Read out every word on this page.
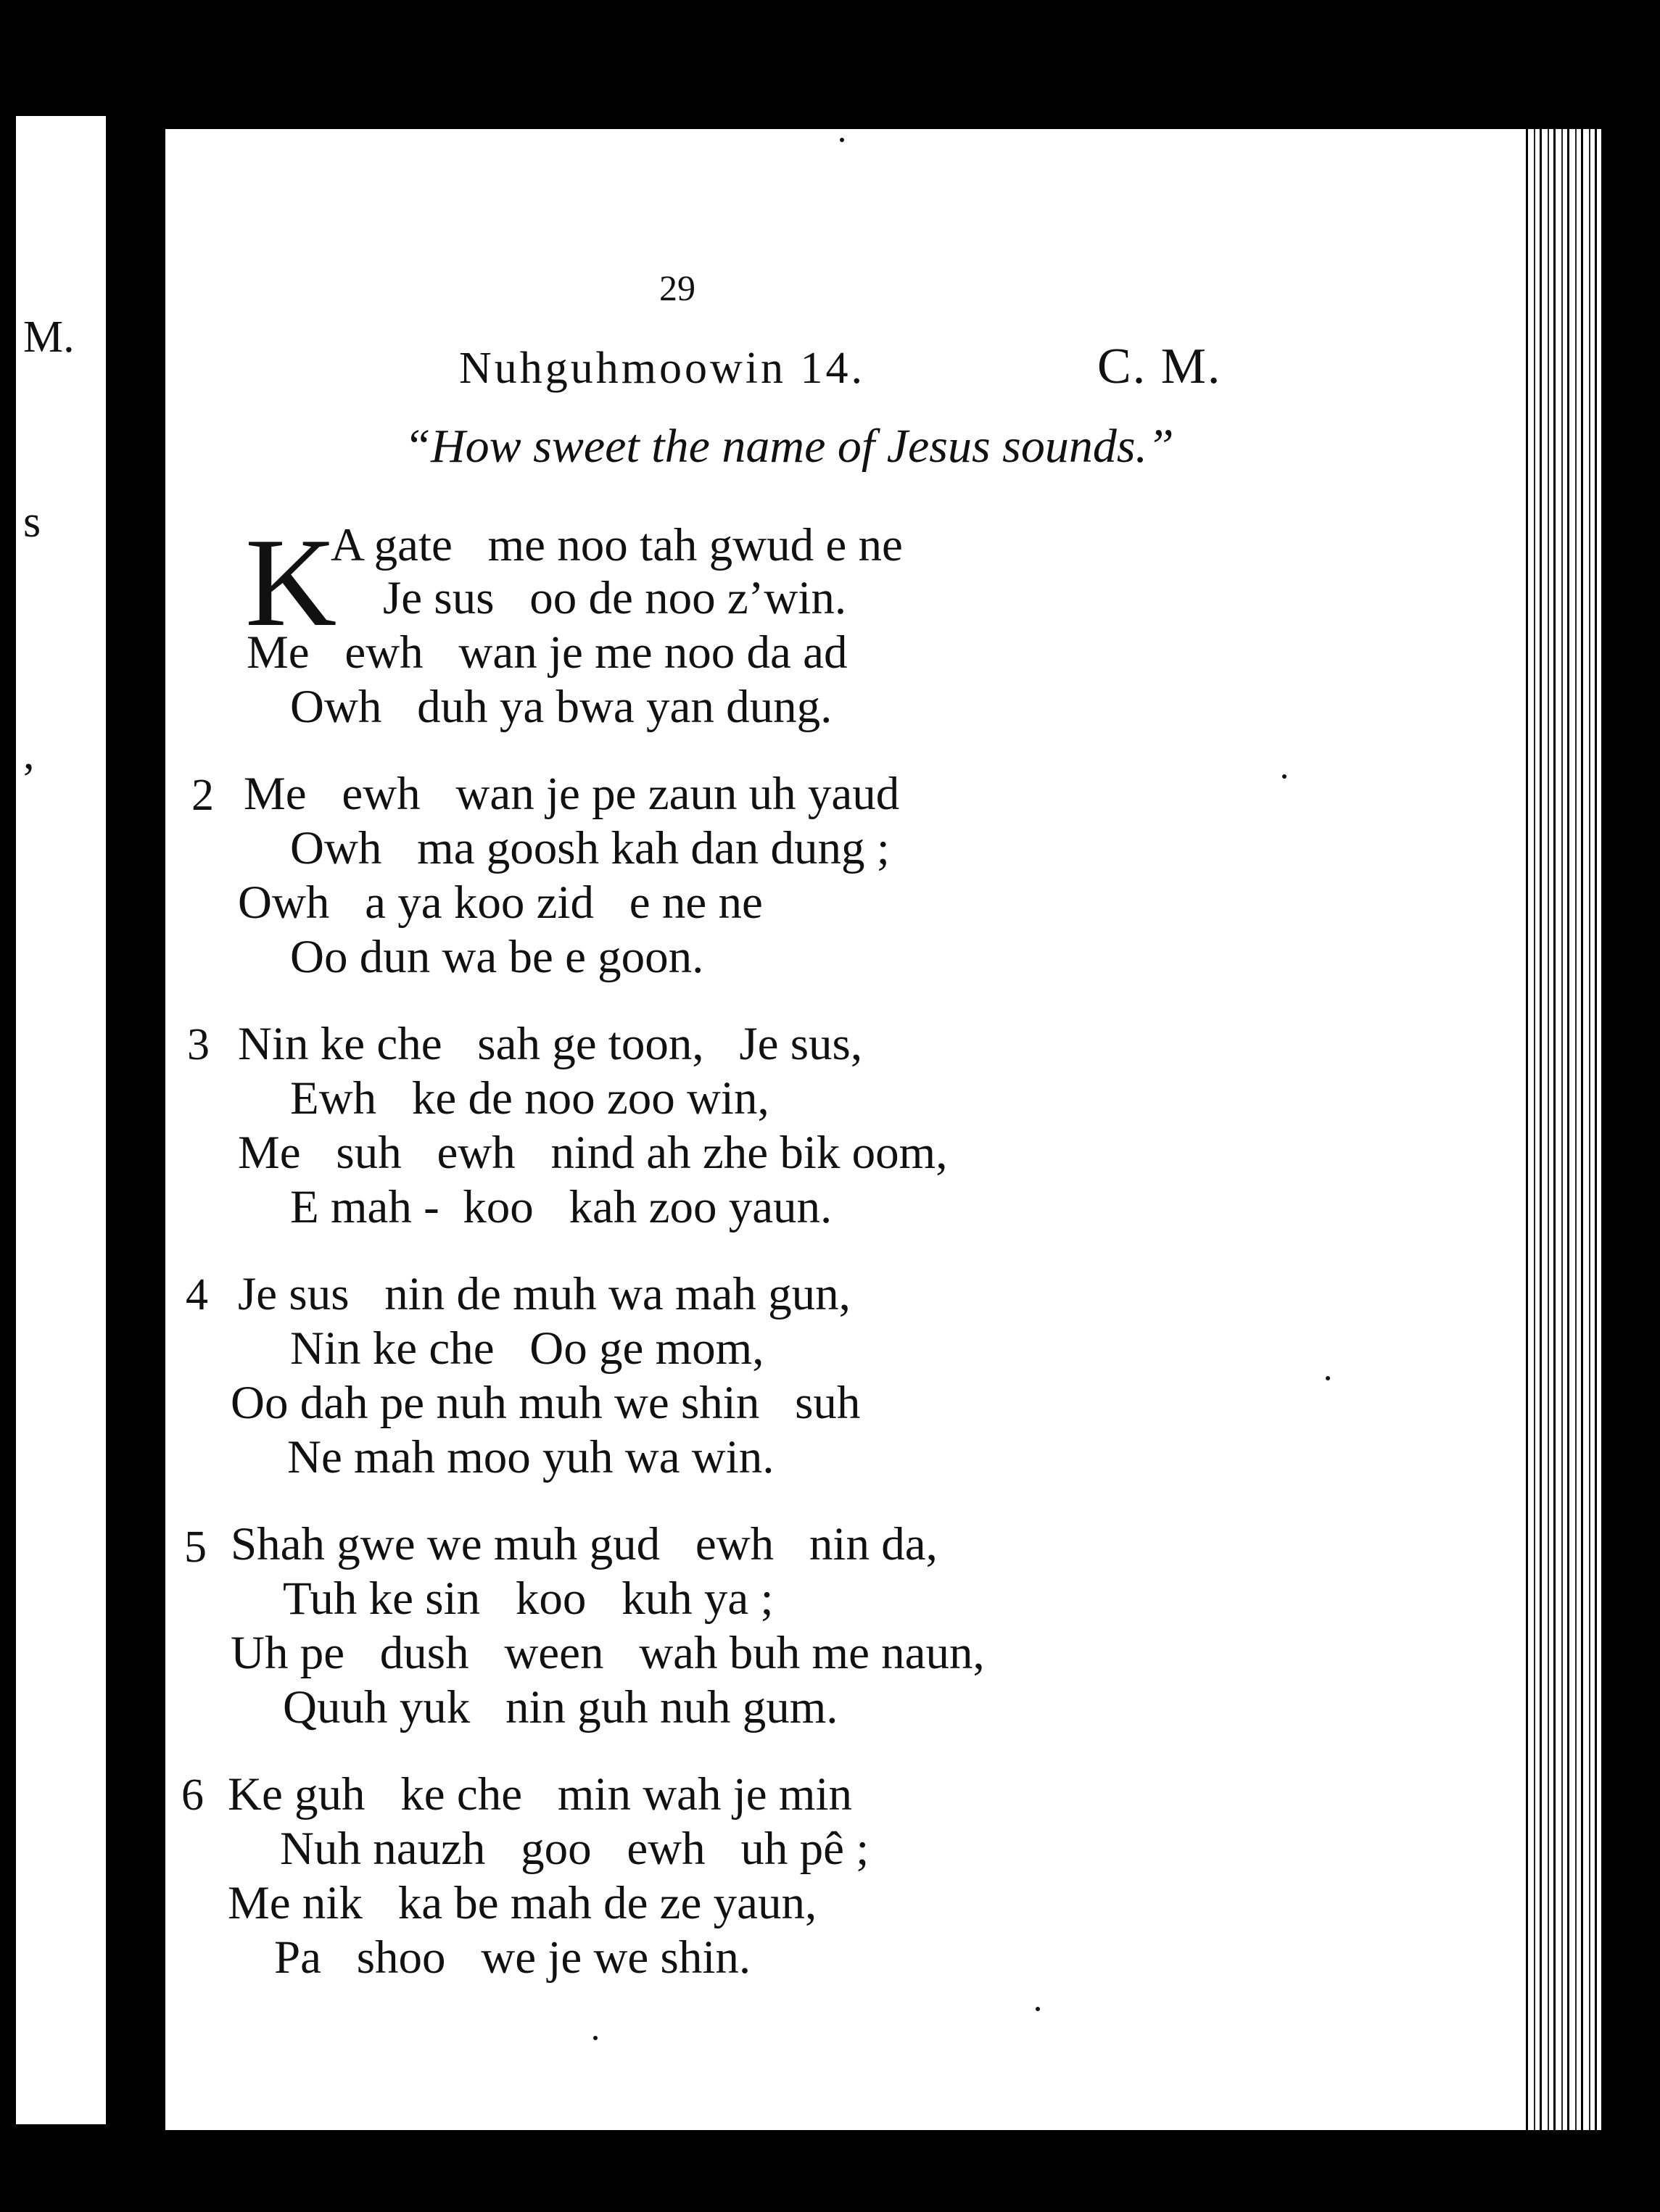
M.
s
,
29
Nuhguhmoowin 14.	C. M.
“How sweet the name of Jesus sounds.”
K
A gate   me noo tah gwud e ne
Je sus   oo de noo z’win.
Me   ewh   wan je me noo da ad
Owh   duh ya bwa yan dung.
2 Me   ewh   wan je pe zaun uh yaud
Owh   ma goosh kah dan dung ;
Owh   a ya koo zid   e ne ne
Oo dun wa be e goon.
3 Nin ke che   sah ge toon,   Je sus,
Ewh   ke de noo zoo win,
Me   suh   ewh   nind ah zhe bik oom,
E mah -  koo   kah zoo yaun.
4 Je sus   nin de muh wa mah gun,
Nin ke che   Oo ge mom,
Oo dah pe nuh muh we shin   suh
Ne mah moo yuh wa win.
5 Shah gwe we muh gud   ewh   nin da,
Tuh ke sin   koo   kuh ya ;
Uh pe   dush   ween   wah buh me naun,
Quuh yuk   nin guh nuh gum.
6 Ke guh   ke che   min wah je min
Nuh nauzh   goo   ewh   uh pê ;
Me nik   ka be mah de ze yaun,
Pa   shoo   we je we shin.
